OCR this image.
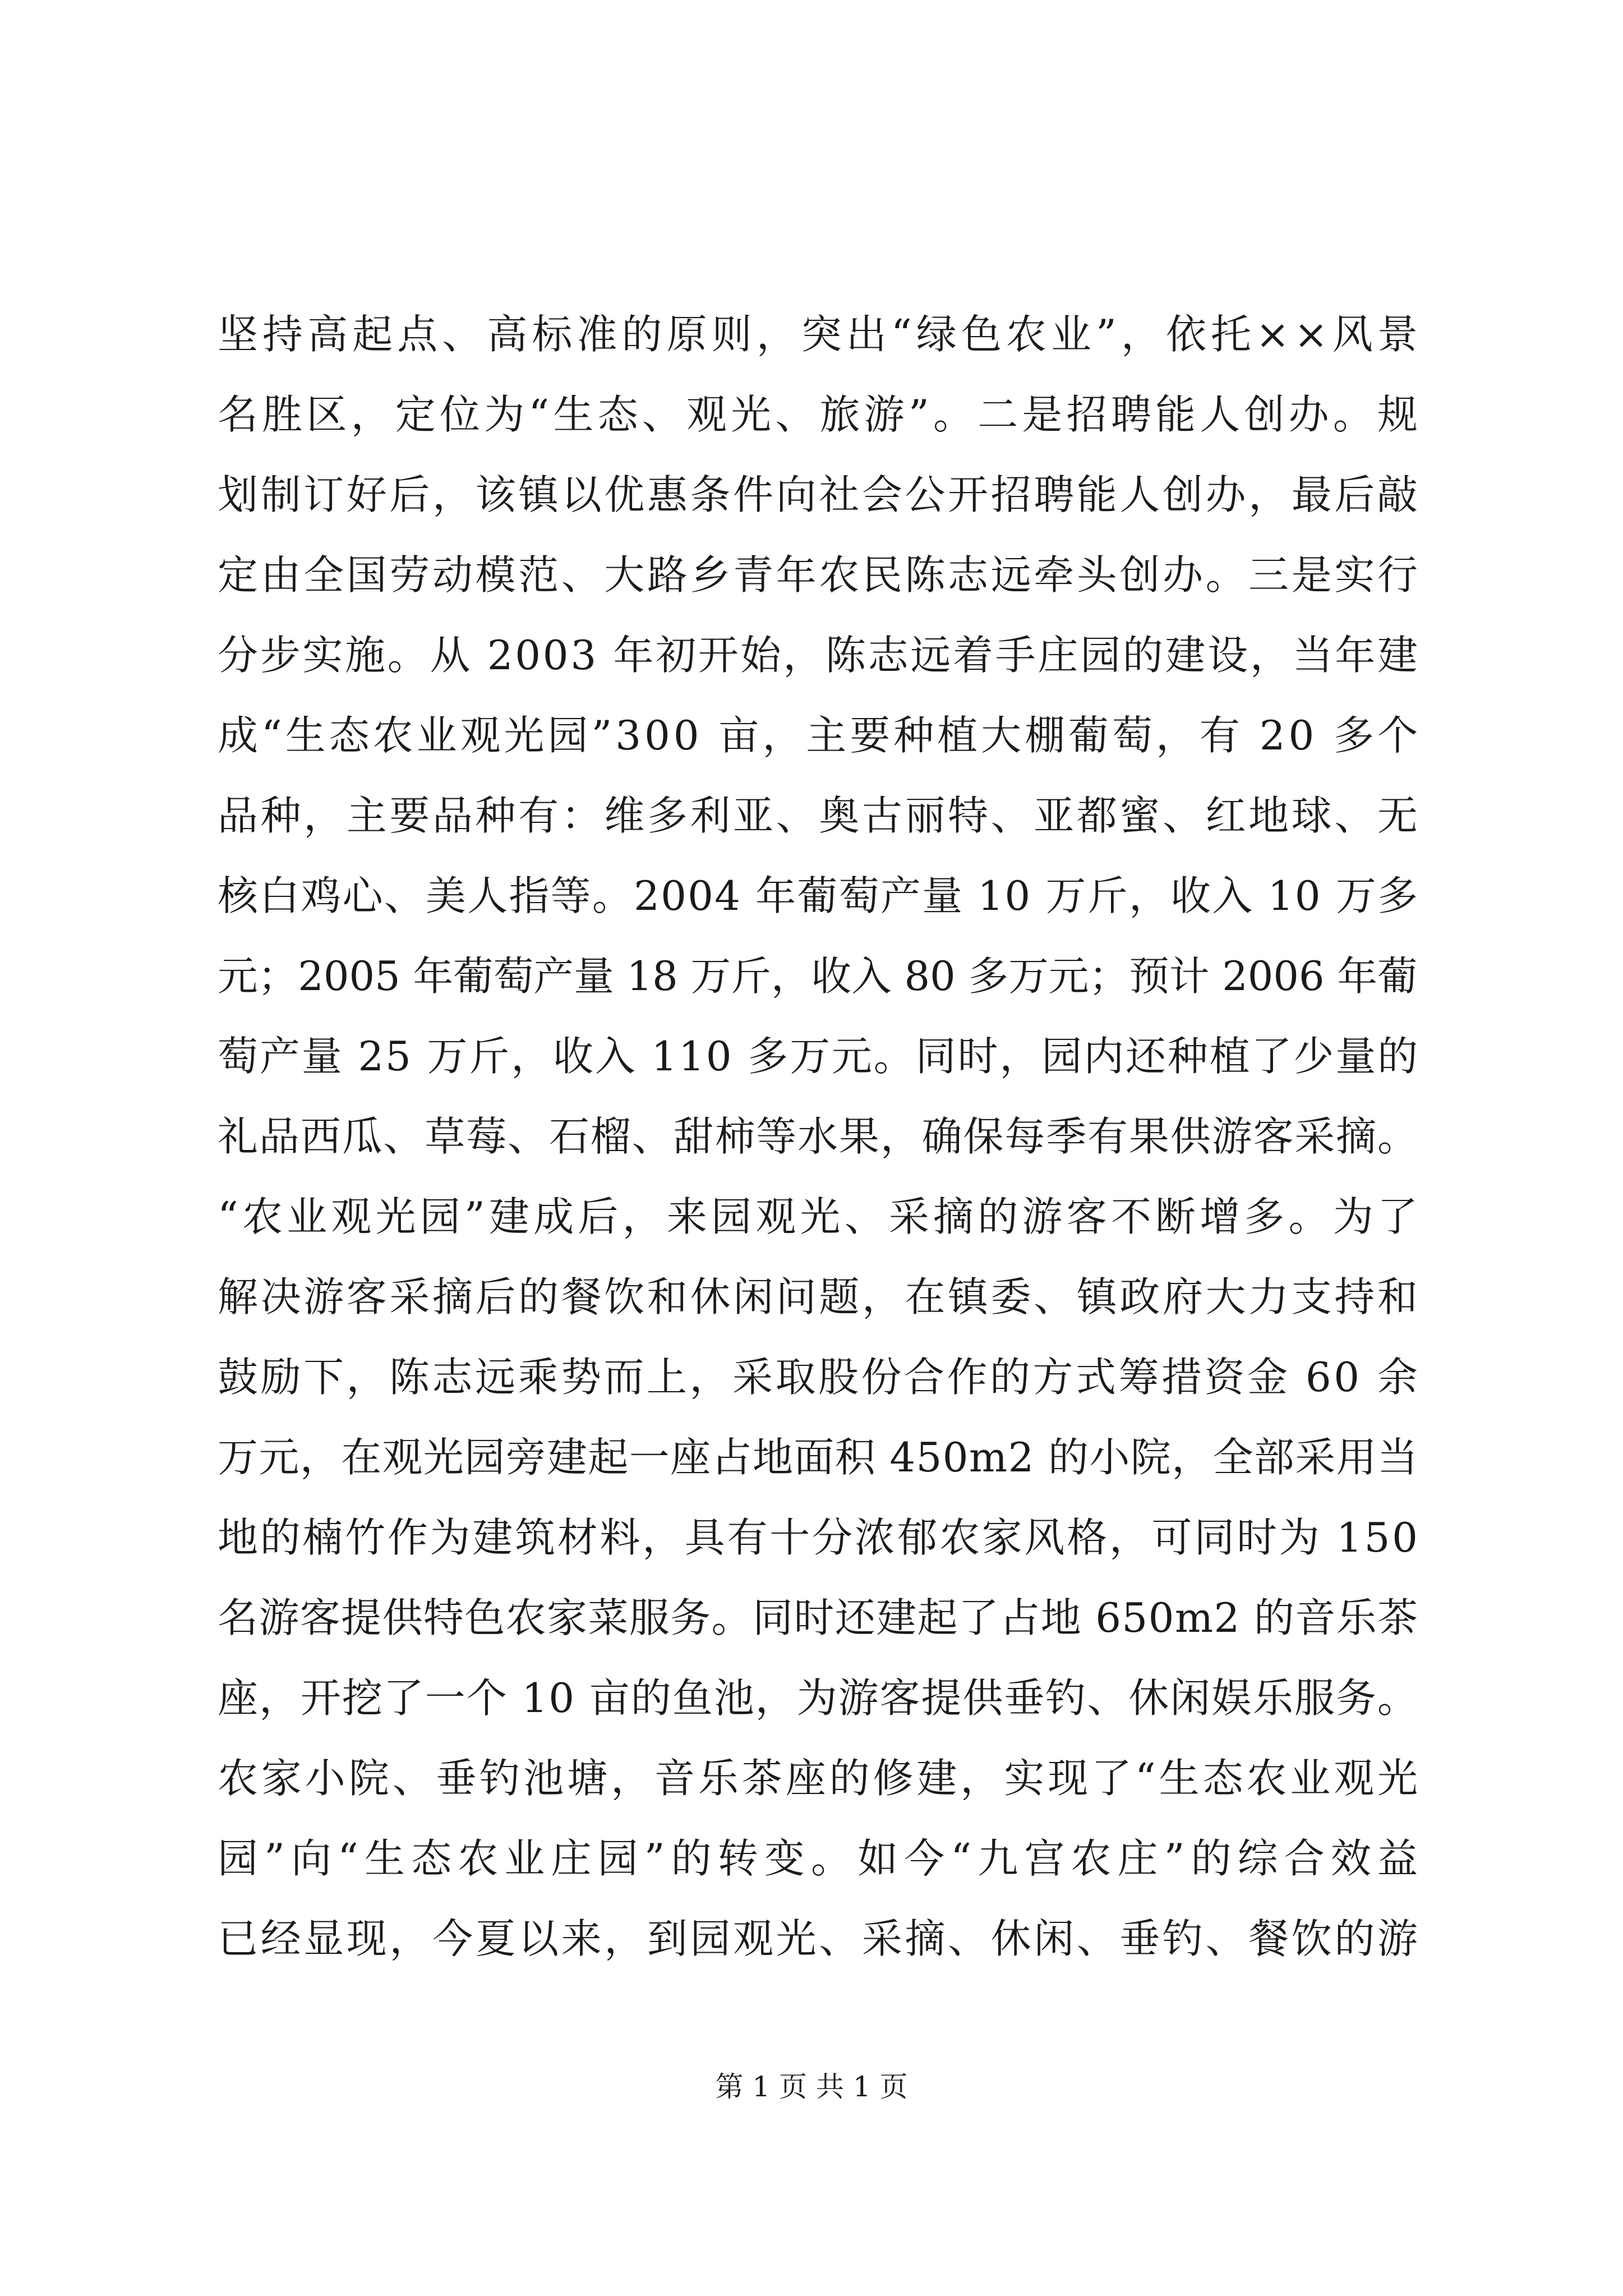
坚持高起点、高标准的原则，突出“绿色农业”，依托××风景
名胜区，定位为“生态、观光、旅游”。二是招聘能人创办。规
划制订好后，该镇以优惠条件向社会公开招聘能人创办，最后敲
定由全国劳动模范、大路乡青年农民陈志远牵头创办。三是实行
分步实施。从 2003 年初开始，陈志远着手庄园的建设，当年建
成“生态农业观光园”300 亩，主要种植大棚葡萄，有 20 多个
品种，主要品种有：维多利亚、奥古丽特、亚都蜜、红地球、无
核白鸡心、美人指等。2004 年葡萄产量 10 万斤，收入 10 万多
元；2005 年葡萄产量 18 万斤，收入 80 多万元；预计 2006 年葡
萄产量 25 万斤，收入 110 多万元。同时，园内还种植了少量的
礼品西瓜、草莓、石榴、甜柿等水果，确保每季有果供游客采摘。
“农业观光园”建成后，来园观光、采摘的游客不断增多。为了
解决游客采摘后的餐饮和休闲问题，在镇委、镇政府大力支持和
鼓励下，陈志远乘势而上，采取股份合作的方式筹措资金 60 余
万元，在观光园旁建起一座占地面积 450m2 的小院，全部采用当
地的楠竹作为建筑材料，具有十分浓郁农家风格，可同时为 150
名游客提供特色农家菜服务。同时还建起了占地 650m2 的音乐茶
座，开挖了一个 10 亩的鱼池，为游客提供垂钓、休闲娱乐服务。
农家小院、垂钓池塘，音乐茶座的修建，实现了“生态农业观光
园”向“生态农业庄园”的转变。如今“九宫农庄”的综合效益
已经显现，今夏以来，到园观光、采摘、休闲、垂钓、餐饮的游
第 1 页 共 1 页
